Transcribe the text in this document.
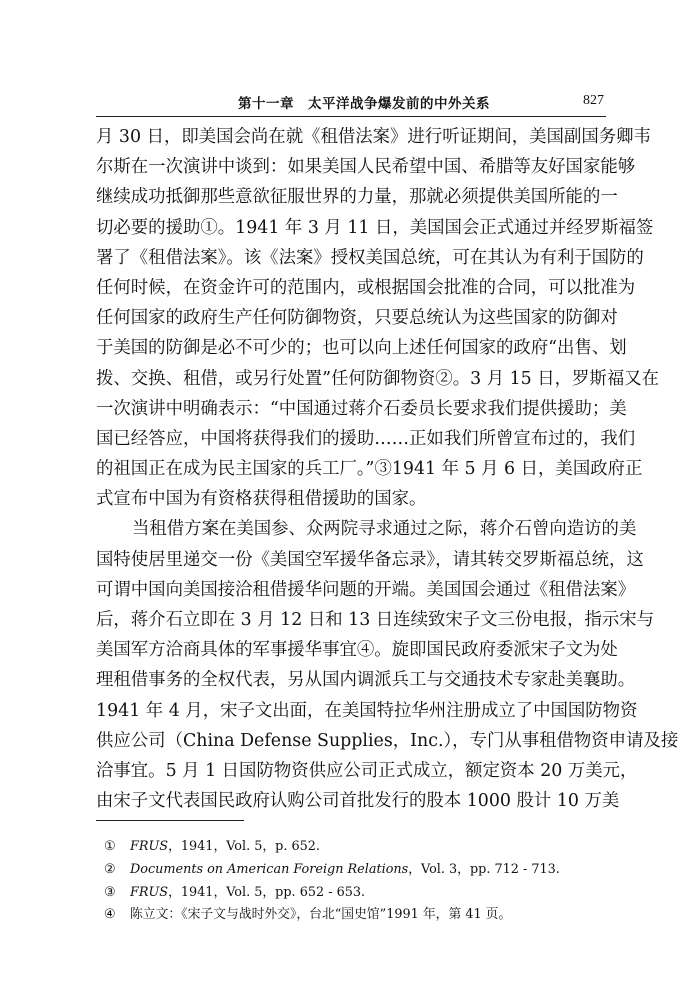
第十一章　太平洋战争爆发前的中外关系	827
月 30 日，即美国会尚在就《租借法案》进行听证期间，美国副国务卿韦
尔斯在一次演讲中谈到：如果美国人民希望中国、希腊等友好国家能够
继续成功抵御那些意欲征服世界的力量，那就必须提供美国所能的一
切必要的援助①。1941 年 3 月 11 日，美国国会正式通过并经罗斯福签
署了《租借法案》。该《法案》授权美国总统，可在其认为有利于国防的
任何时候，在资金许可的范围内，或根据国会批准的合同，可以批准为
任何国家的政府生产任何防御物资，只要总统认为这些国家的防御对
于美国的防御是必不可少的；也可以向上述任何国家的政府“出售、划
拨、交换、租借，或另行处置”任何防御物资②。3 月 15 日，罗斯福又在
一次演讲中明确表示：“中国通过蒋介石委员长要求我们提供援助；美
国已经答应，中国将获得我们的援助……正如我们所曾宣布过的，我们
的祖国正在成为民主国家的兵工厂。”③1941 年 5 月 6 日，美国政府正
式宣布中国为有资格获得租借援助的国家。
当租借方案在美国参、众两院寻求通过之际，蒋介石曾向造访的美
国特使居里递交一份《美国空军援华备忘录》，请其转交罗斯福总统，这
可谓中国向美国接洽租借援华问题的开端。美国国会通过《租借法案》
后，蒋介石立即在 3 月 12 日和 13 日连续致宋子文三份电报，指示宋与
美国军方洽商具体的军事援华事宜④。旋即国民政府委派宋子文为处
理租借事务的全权代表，另从国内调派兵工与交通技术专家赴美襄助。
1941 年 4 月，宋子文出面，在美国特拉华州注册成立了中国国防物资
供应公司（China Defense Supplies，Inc.），专门从事租借物资申请及接
洽事宜。5 月 1 日国防物资供应公司正式成立，额定资本 20 万美元，
由宋子文代表国民政府认购公司首批发行的股本 1000 股计 10 万美
① FRUS，1941，Vol. 5，p. 652.
② Documents on American Foreign Relations，Vol. 3，pp. 712 - 713.
③ FRUS，1941，Vol. 5，pp. 652 - 653.
④ 陈立文：《宋子文与战时外交》，台北“国史馆”1991 年，第 41 页。
